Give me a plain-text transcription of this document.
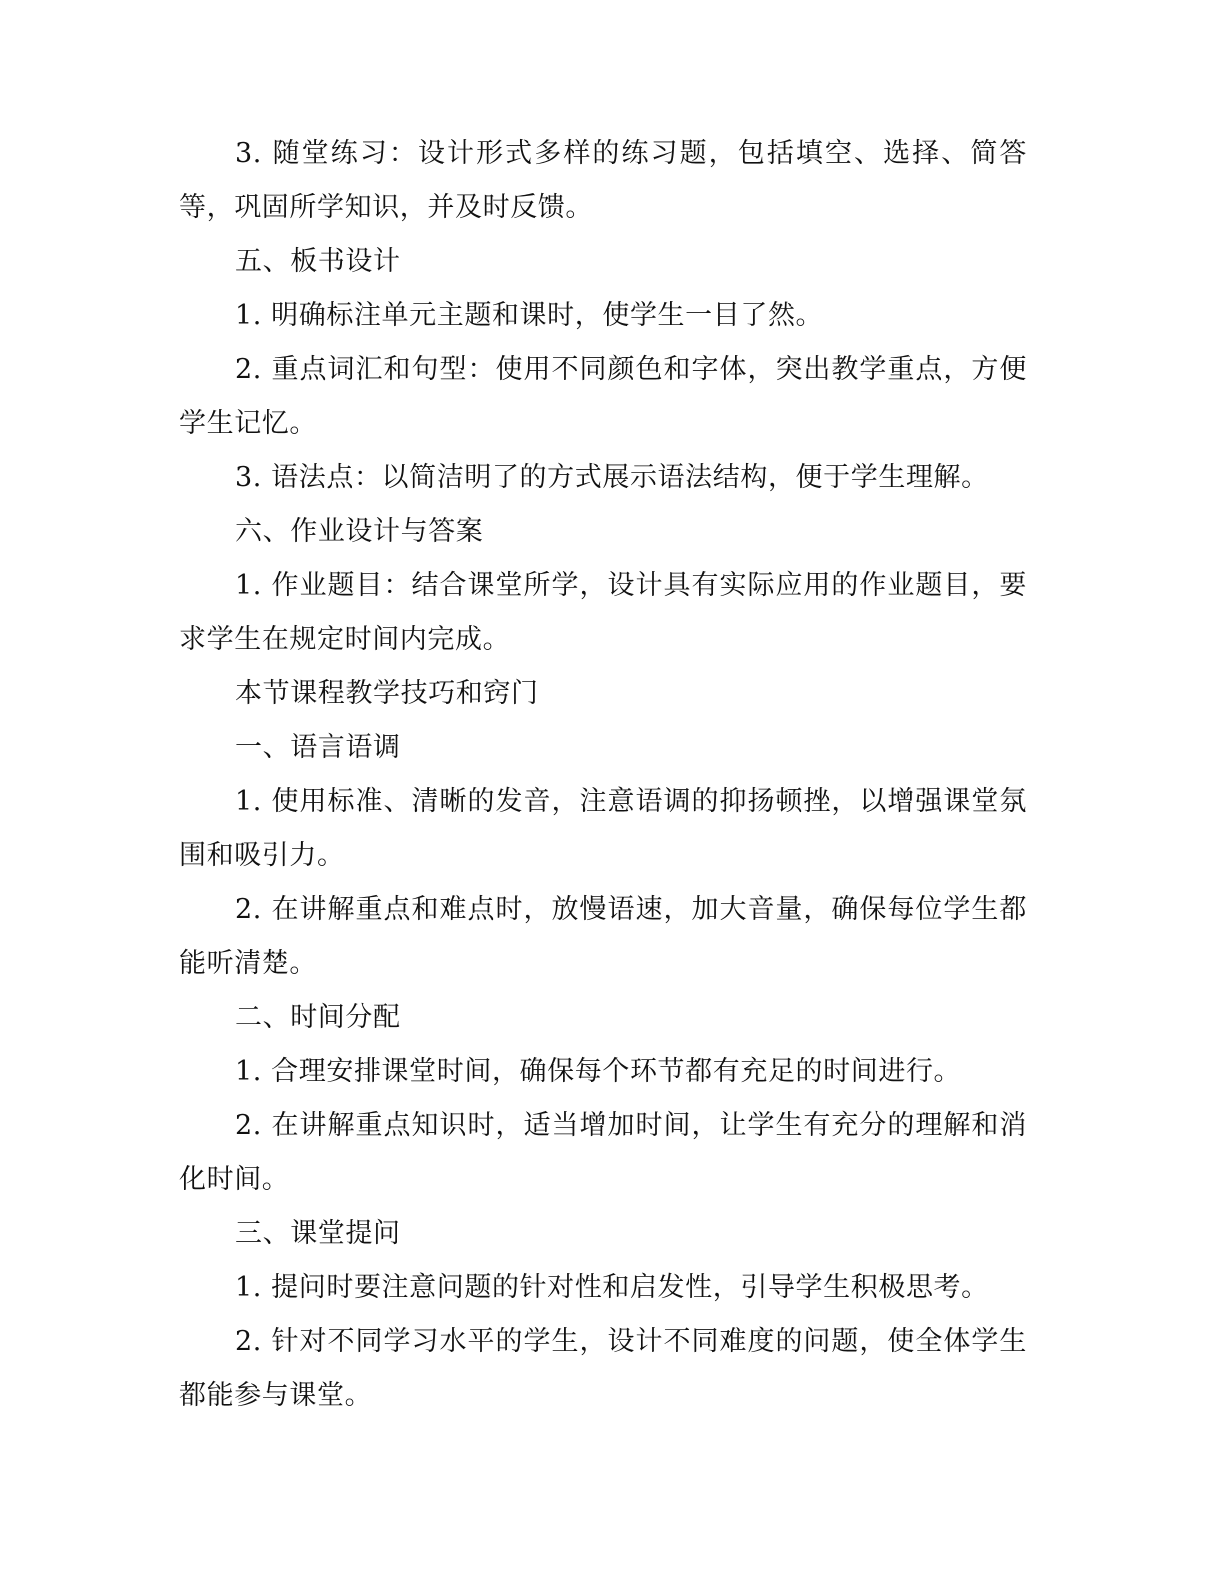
3. 随堂练习：设计形式多样的练习题，包括填空、选择、简答等，巩固所学知识，并及时反馈。

五、板书设计

1. 明确标注单元主题和课时，使学生一目了然。

2. 重点词汇和句型：使用不同颜色和字体，突出教学重点，方便学生记忆。

3. 语法点：以简洁明了的方式展示语法结构，便于学生理解。

六、作业设计与答案

1. 作业题目：结合课堂所学，设计具有实际应用的作业题目，要求学生在规定时间内完成。

本节课程教学技巧和窍门

一、语言语调

1. 使用标准、清晰的发音，注意语调的抑扬顿挫，以增强课堂氛围和吸引力。

2. 在讲解重点和难点时，放慢语速，加大音量，确保每位学生都能听清楚。

二、时间分配

1. 合理安排课堂时间，确保每个环节都有充足的时间进行。

2. 在讲解重点知识时，适当增加时间，让学生有充分的理解和消化时间。

三、课堂提问

1. 提问时要注意问题的针对性和启发性，引导学生积极思考。

2. 针对不同学习水平的学生，设计不同难度的问题，使全体学生都能参与课堂。
